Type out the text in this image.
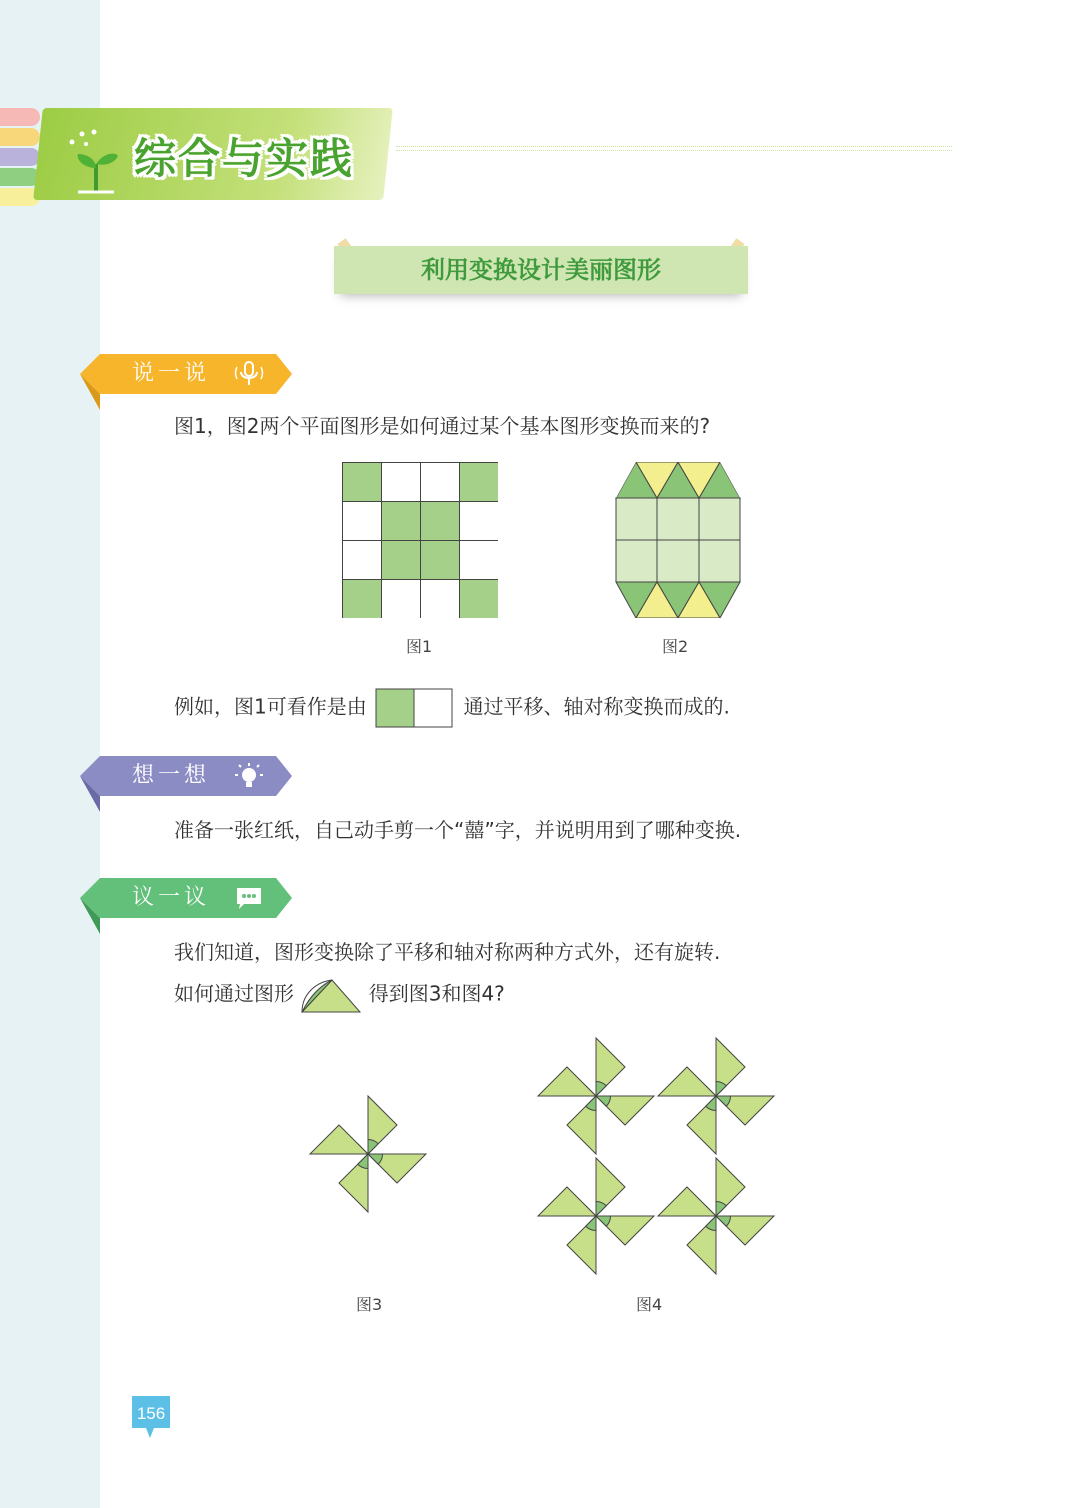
综合与实践
利用变换设计美丽图形
说一说
图1，图2两个平面图形是如何通过某个基本图形变换而来的?
图1	图2
例如，图1可看作是由	通过平移、轴对称变换而成的.
想一想
准备一张红纸，自己动手剪一个“囍”字，并说明用到了哪种变换.
议一议
我们知道，图形变换除了平移和轴对称两种方式外，还有旋转.
如何通过图形	得到图3和图4?
图3	图4
156
